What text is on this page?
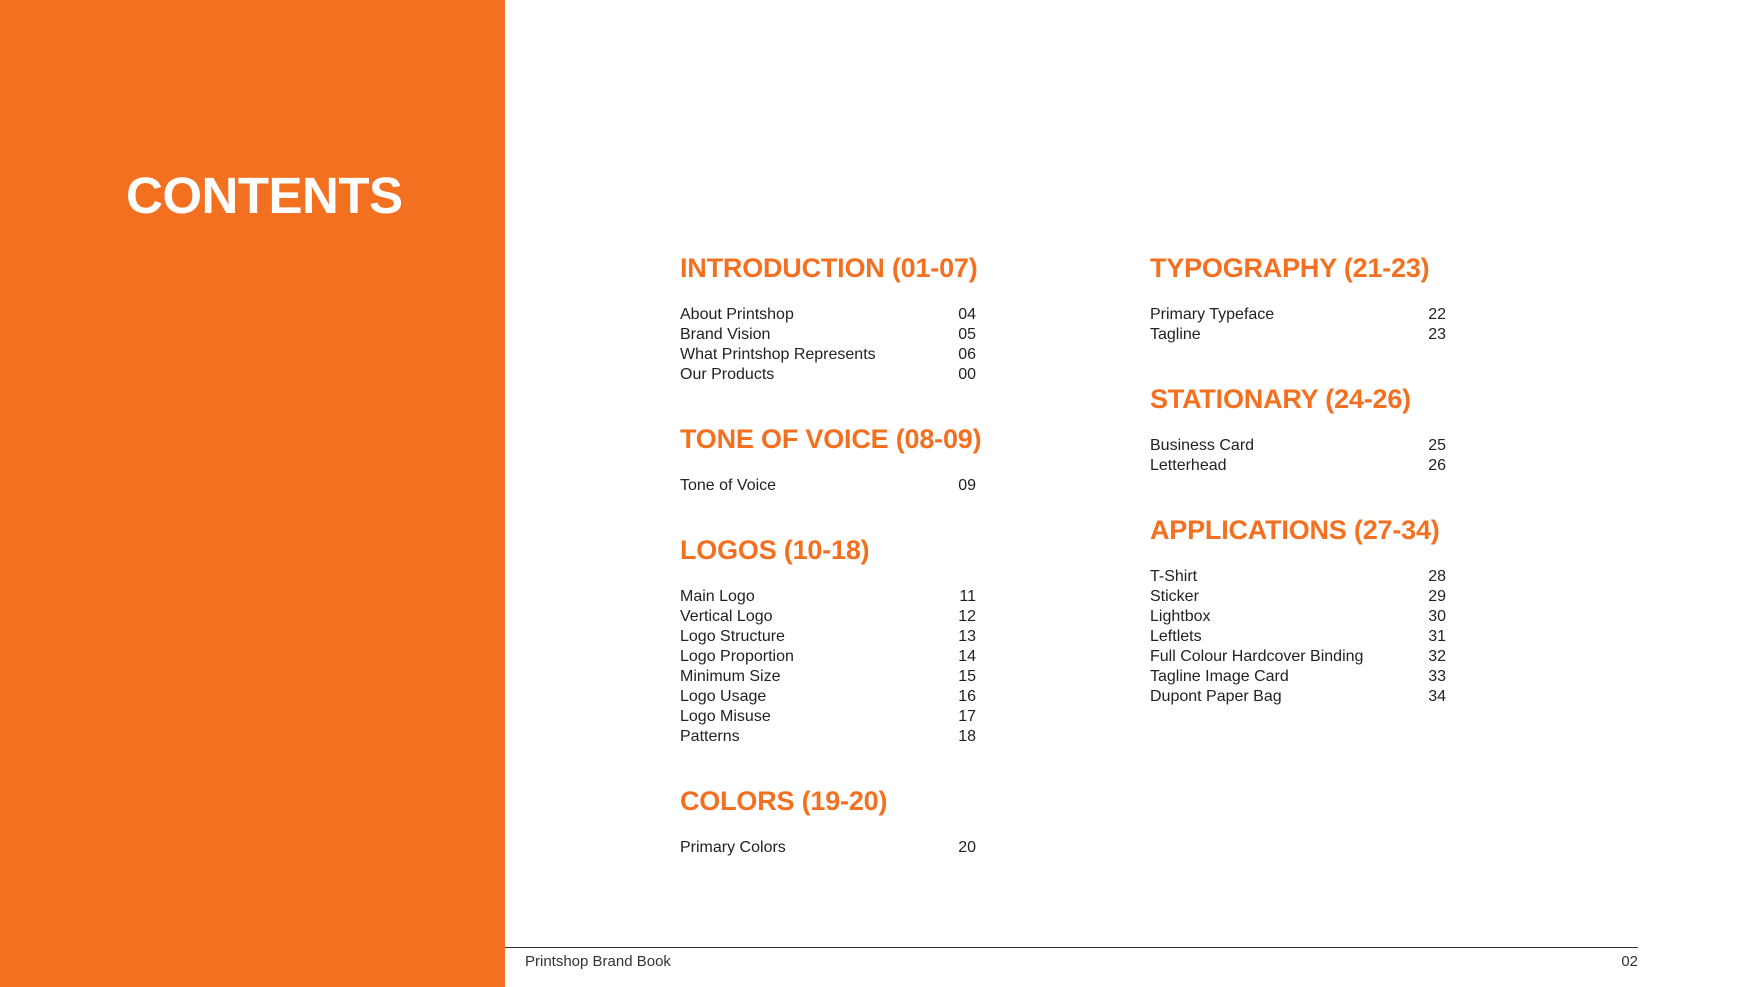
CONTENTS
INTRODUCTION (01-07)
About Printshop	04
Brand Vision	05
What Printshop Represents	06
Our Products	00
TONE OF VOICE (08-09)
Tone of Voice	09
LOGOS (10-18)
Main Logo	11
Vertical Logo	12
Logo Structure	13
Logo Proportion	14
Minimum Size	15
Logo Usage	16
Logo Misuse	17
Patterns	18
COLORS (19-20)
Primary Colors	20
TYPOGRAPHY (21-23)
Primary Typeface	22
Tagline	23
STATIONARY (24-26)
Business Card	25
Letterhead	26
APPLICATIONS (27-34)
T-Shirt	28
Sticker	29
Lightbox	30
Leftlets	31
Full Colour Hardcover Binding	32
Tagline Image Card	33
Dupont Paper Bag	34
Printshop Brand Book	02
